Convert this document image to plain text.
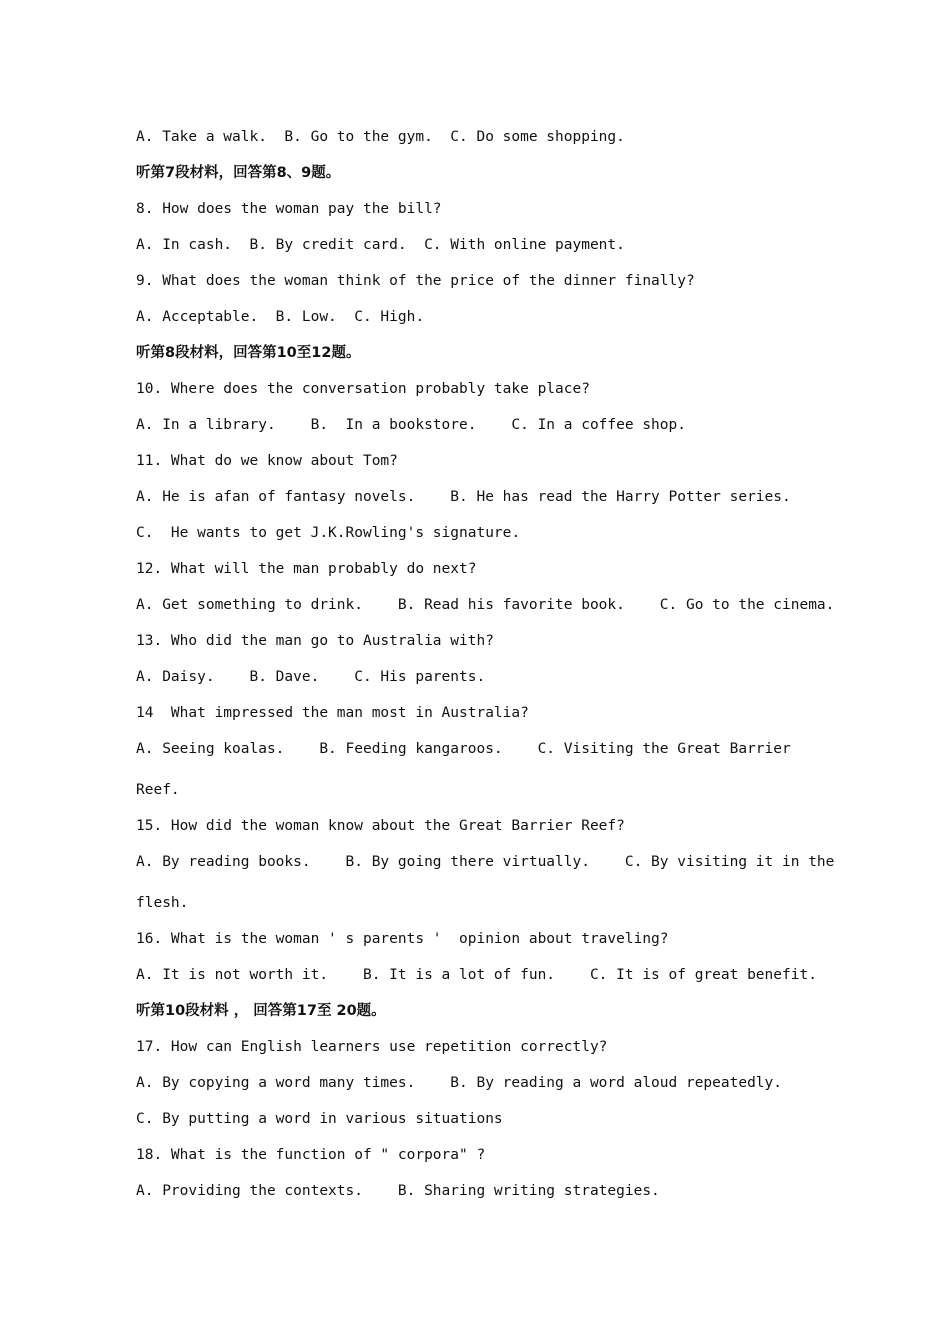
A. Take a walk.  B. Go to the gym.  C. Do some shopping.
听第7段材料，回答第8、9题。
8. How does the woman pay the bill?
A. In cash.  B. By credit card.  C. With online payment.
9. What does the woman think of the price of the dinner finally?
A. Acceptable.  B. Low.  C. High.
听第8段材料，回答第10至12题。
10. Where does the conversation probably take place?
A. In a library.    B.  In a bookstore.    C. In a coffee shop.
11. What do we know about Tom?
A. He is afan of fantasy novels.    B. He has read the Harry Potter series.
C.  He wants to get J.K.Rowling's signature.
12. What will the man probably do next?
A. Get something to drink.    B. Read his favorite book.    C. Go to the cinema.
13. Who did the man go to Australia with?
A. Daisy.    B. Dave.    C. His parents.
14  What impressed the man most in Australia?
A. Seeing koalas.    B. Feeding kangaroos.    C. Visiting the Great Barrier
Reef.
15. How did the woman know about the Great Barrier Reef?
A. By reading books.    B. By going there virtually.    C. By visiting it in the
flesh.
16. What is the woman ' s parents '  opinion about traveling?
A. It is not worth it.    B. It is a lot of fun.    C. It is of great benefit.
听第10段材料 ， 回答第17至 20题。
17. How can English learners use repetition correctly?
A. By copying a word many times.    B. By reading a word aloud repeatedly.
C. By putting a word in various situations
18. What is the function of " corpora" ?
A. Providing the contexts.    B. Sharing writing strategies.
